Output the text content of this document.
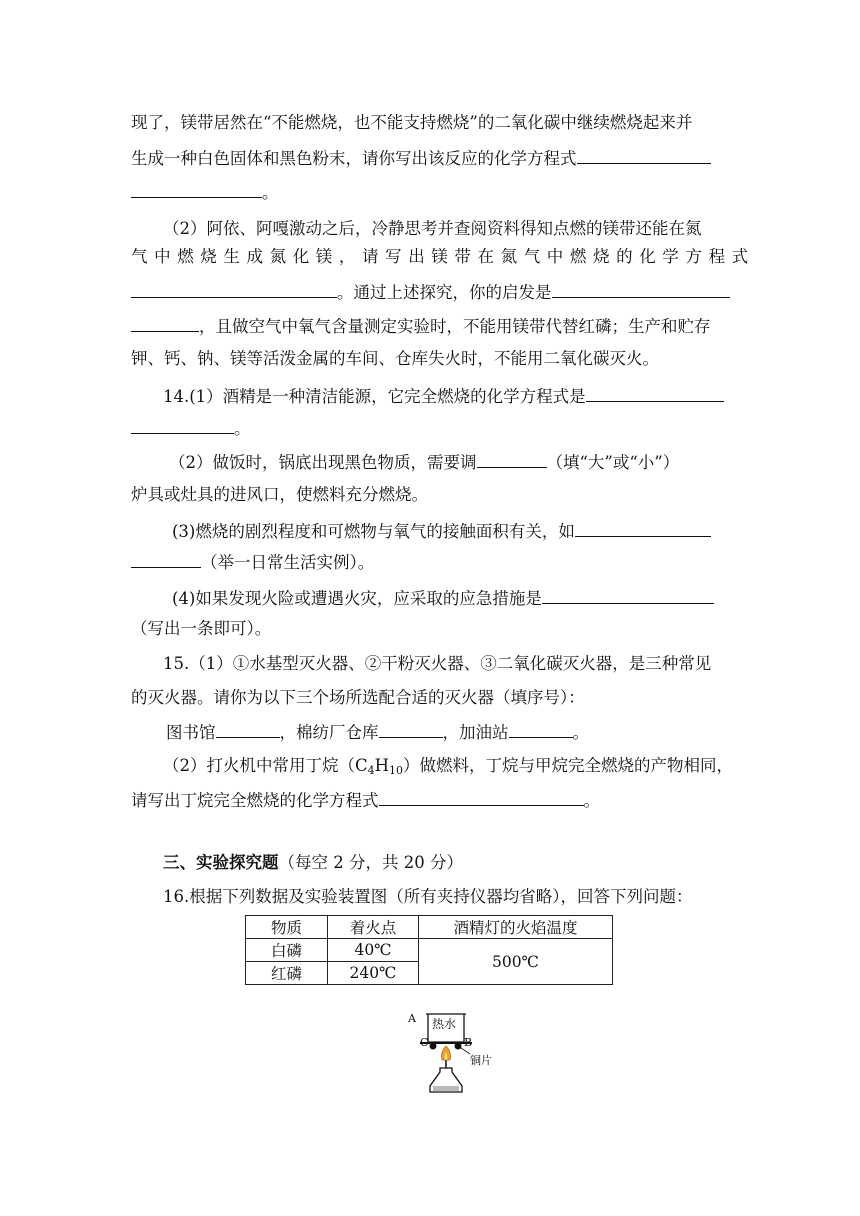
现了，镁带居然在“不能燃烧，也不能支持燃烧”的二氧化碳中继续燃烧起来并
生成一种白色固体和黑色粉末，请你写出该反应的化学方程式
。
（2）阿依、阿嘎激动之后，冷静思考并查阅资料得知点燃的镁带还能在氮
气中燃烧生成氮化镁，请写出镁带在氮气中燃烧的化学方程式
。通过上述探究，你的启发是
，且做空气中氧气含量测定实验时，不能用镁带代替红磷；生产和贮存
钾、钙、钠、镁等活泼金属的车间、仓库失火时，不能用二氧化碳灭火。
14.(1）酒精是一种清洁能源，它完全燃烧的化学方程式是
。
（2）做饭时，锅底出现黑色物质，需要调	（填“大”或“小”）
炉具或灶具的进风口，使燃料充分燃烧。
(3)燃烧的剧烈程度和可燃物与氧气的接触面积有关，如
（举一日常生活实例）。
(4)如果发现火险或遭遇火灾，应采取的应急措施是
（写出一条即可）。
15.（1）①水基型灭火器、②干粉灭火器、③二氧化碳灭火器，是三种常见
的灭火器。请你为以下三个场所选配合适的灭火器（填序号）：
图书馆	，棉纺厂仓库	，加油站	。
（2）打火机中常用丁烷$(C_4H_{10})$做燃料，丁烷与甲烷完全燃烧的产物相同，
请写出丁烷完全燃烧的化学方程式	。
三、实验探究题（每空 2 分，共 20 分）
16.根据下列数据及实验装置图（所有夹持仪器均省略），回答下列问题：
物质	着火点	酒精灯的火焰温度
白磷	40℃	500℃
红磷	240℃	
热水
A
C	B
铜片
